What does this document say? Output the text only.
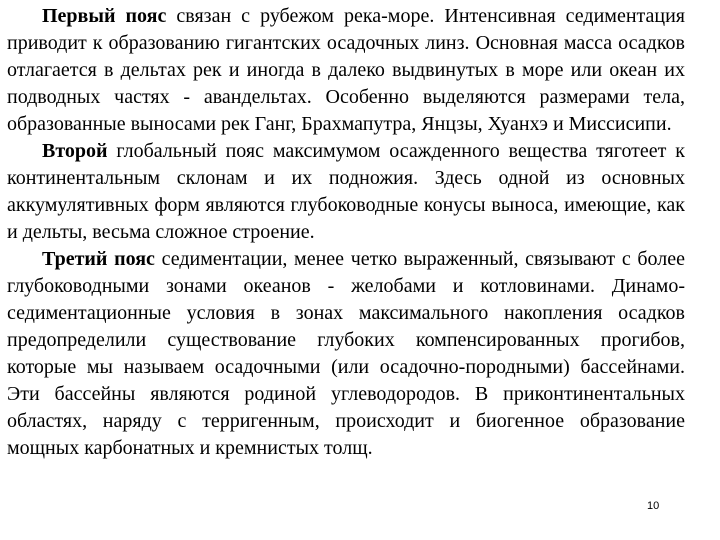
Первый пояс связан с рубежом река-море. Интенсивная седиментация приводит к образованию гигантских осадочных линз. Основная масса осадков отлагается в дельтах рек и иногда в далеко выдвинутых в море или океан их подводных частях - авандельтах. Особенно выделяются размерами тела, образованные выносами рек Ганг, Брахмапутра, Янцзы, Хуанхэ и Миссисипи.

Второй глобальный пояс максимумом осажденного вещества тяготеет к континентальным склонам и их подножия. Здесь одной из основных аккумулятивных форм являются глубоководные конусы выноса, имеющие, как и дельты, весьма сложное строение.

Третий пояс седиментации, менее четко выраженный, связывают с более глубоководными зонами океанов - желобами и котловинами. Динамо-седиментационные условия в зонах максимального накопления осадков предопределили существование глубоких компенсированных прогибов, которые мы называем осадочными (или осадочно-породными) бассейнами. Эти бассейны являются родиной углеводородов. В приконтинентальных областях, наряду с терригенным, происходит и биогенное образование мощных карбонатных и кремнистых толщ.

10
